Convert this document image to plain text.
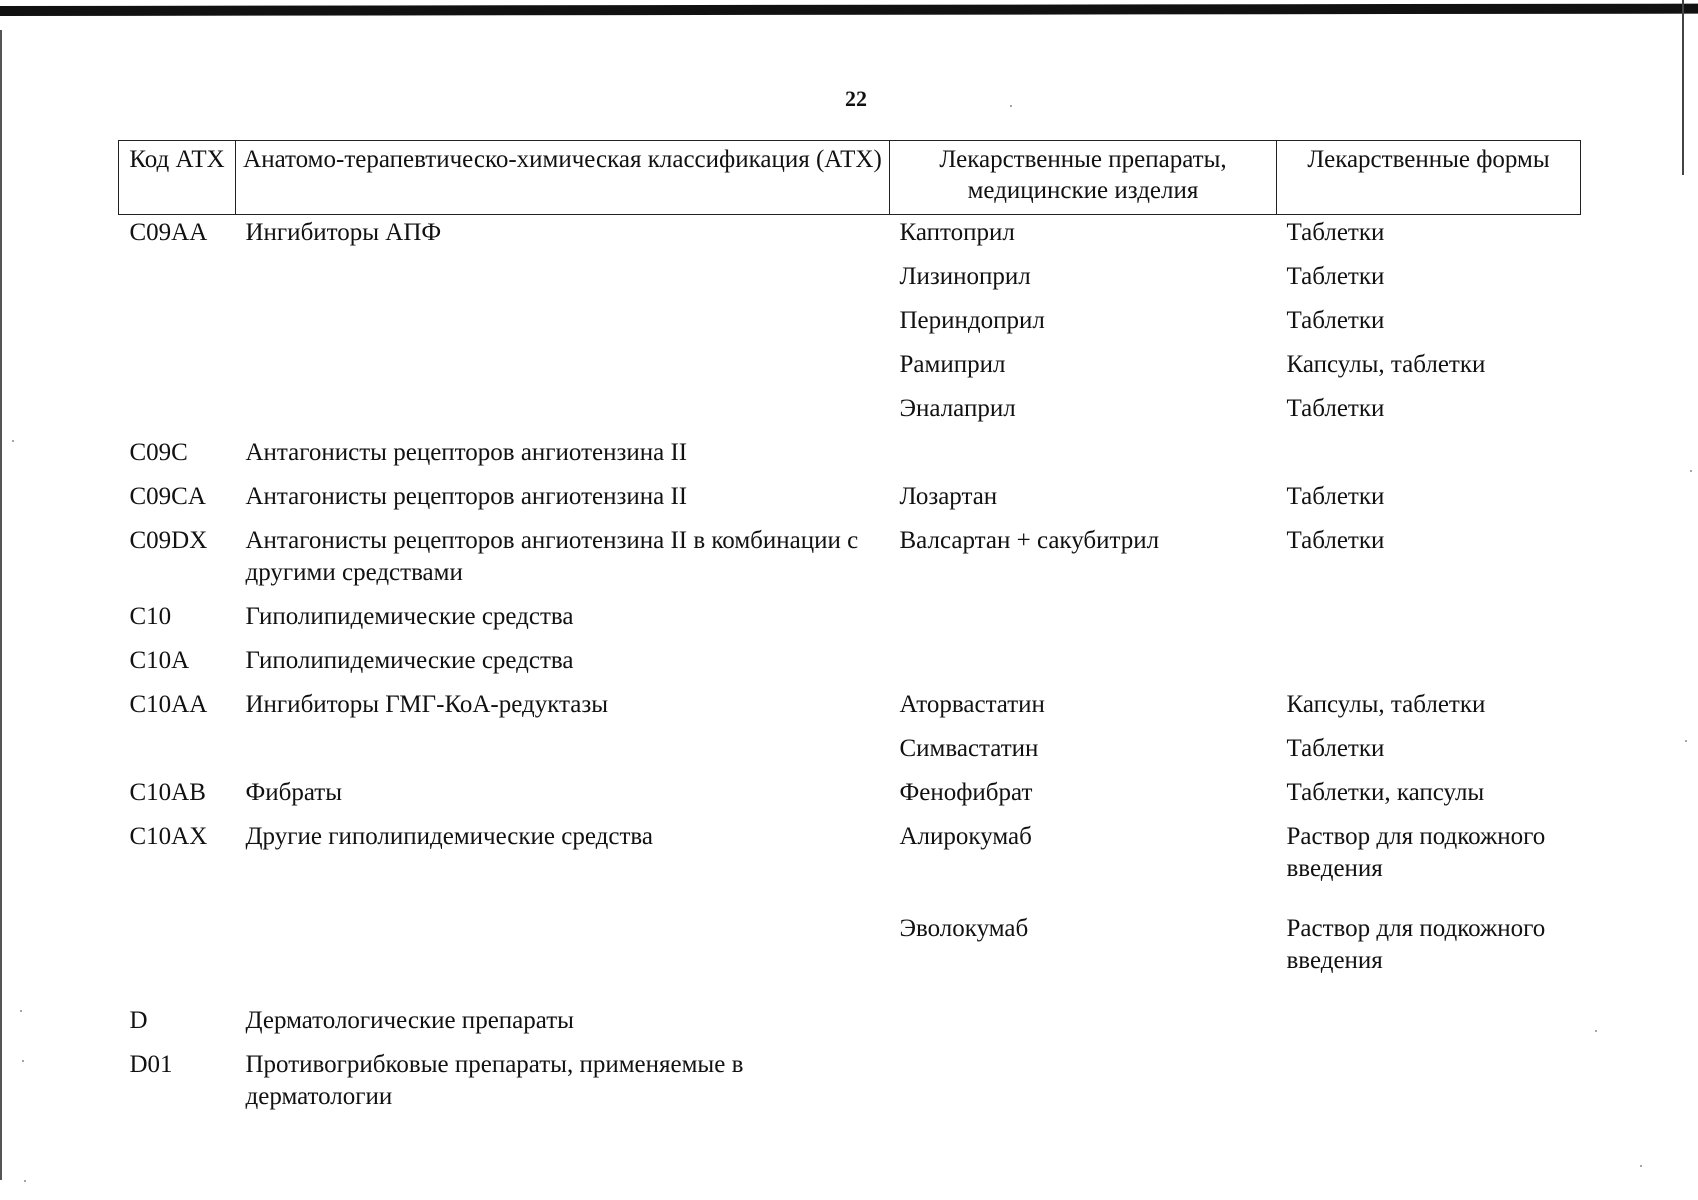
22
Код АТХ	Анатомо-терапевтическо-химическая классификация (АТХ)	Лекарственные препараты, медицинские изделия	Лекарственные формы
C09AA	Ингибиторы АПФ	Каптоприл	Таблетки
		Лизиноприл	Таблетки
		Периндоприл	Таблетки
		Рамиприл	Капсулы, таблетки
		Эналаприл	Таблетки
C09C	Антагонисты рецепторов ангиотензина II		
C09CA	Антагонисты рецепторов ангиотензина II	Лозартан	Таблетки
C09DX	Антагонисты рецепторов ангиотензина II в комбинации с другими средствами	Валсартан + сакубитрил	Таблетки
C10	Гиполипидемические средства		
C10A	Гиполипидемические средства		
C10AA	Ингибиторы ГМГ-КоА-редуктазы	Аторвастатин	Капсулы, таблетки
		Симвастатин	Таблетки
C10AB	Фибраты	Фенофибрат	Таблетки, капсулы
C10AX	Другие гиполипидемические средства	Алирокумаб	Раствор для подкожного введения
		Эволокумаб	Раствор для подкожного введения
D	Дерматологические препараты		
D01	Противогрибковые препараты, применяемые в дерматологии		
